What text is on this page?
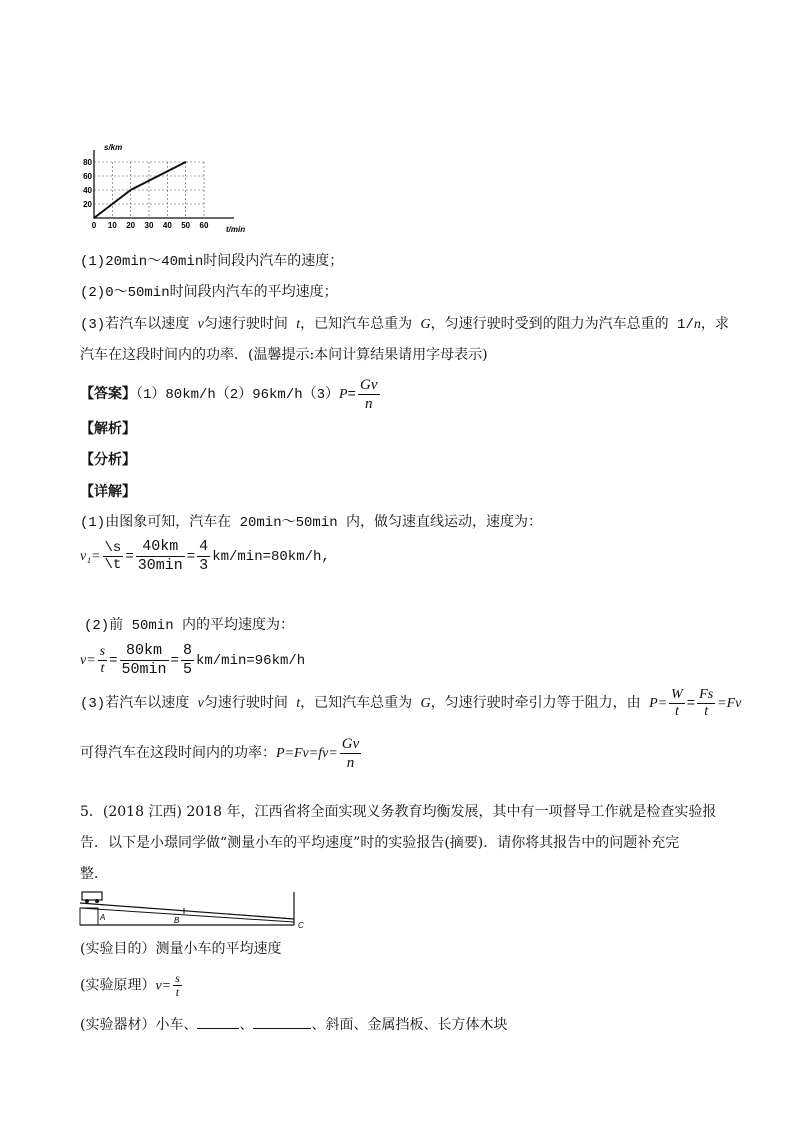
0 10 20 30 40 50 60
20
40
60
80
s/km
t/min
(1)20min～40min时间段内汽车的速度；
(2)0～50min时间段内汽车的平均速度；
(3)若汽车以速度 v匀速行驶时间 t，已知汽车总重为 G，匀速行驶时受到的阻力为汽车总重的 1/n，求
汽车在这段时间内的功率．(温馨提示:本问计算结果请用字母表示)
【答案】$(1)80km/h(2)96km/h(3)P= \frac{Gv}{n}$
【解析】
【分析】
【详解】
(1)由图象可知，汽车在 20min～50min 内，做匀速直线运动，速度为：
$v_1= \frac{\backslash s}{\backslash t} = \frac{40km}{30\min} = \frac{4}{3} km/\min=80km/h$,
(2)前 50min 内的平均速度为：
$v= \frac{s}{t} = \frac{80km}{50\min} = \frac{8}{5} km/\min=96km/h$
(3)若汽车以速度 v匀速行驶时间 t，已知汽车总重为 G，匀速行驶时牵引力等于阻力，由 $P= \frac{W}{t} = \frac{Fs}{t} =Fv$
可得汽车在这段时间内的功率：$P=Fv=fv= \frac{Gv}{n}$
5．(2018 江西) 2018 年，江西省将全面实现义务教育均衡发展，其中有一项督导工作就是检查实验报
告．以下是小璟同学做“测量小车的平均速度”时的实验报告(摘要)．请你将其报告中的问题补充完
整．
A	B
C
(实验目的）测量小车的平均速度
(实验原理）$v= \frac{s}{t}$
(实验器材）小车、	、	、斜面、金属挡板、长方体木块
